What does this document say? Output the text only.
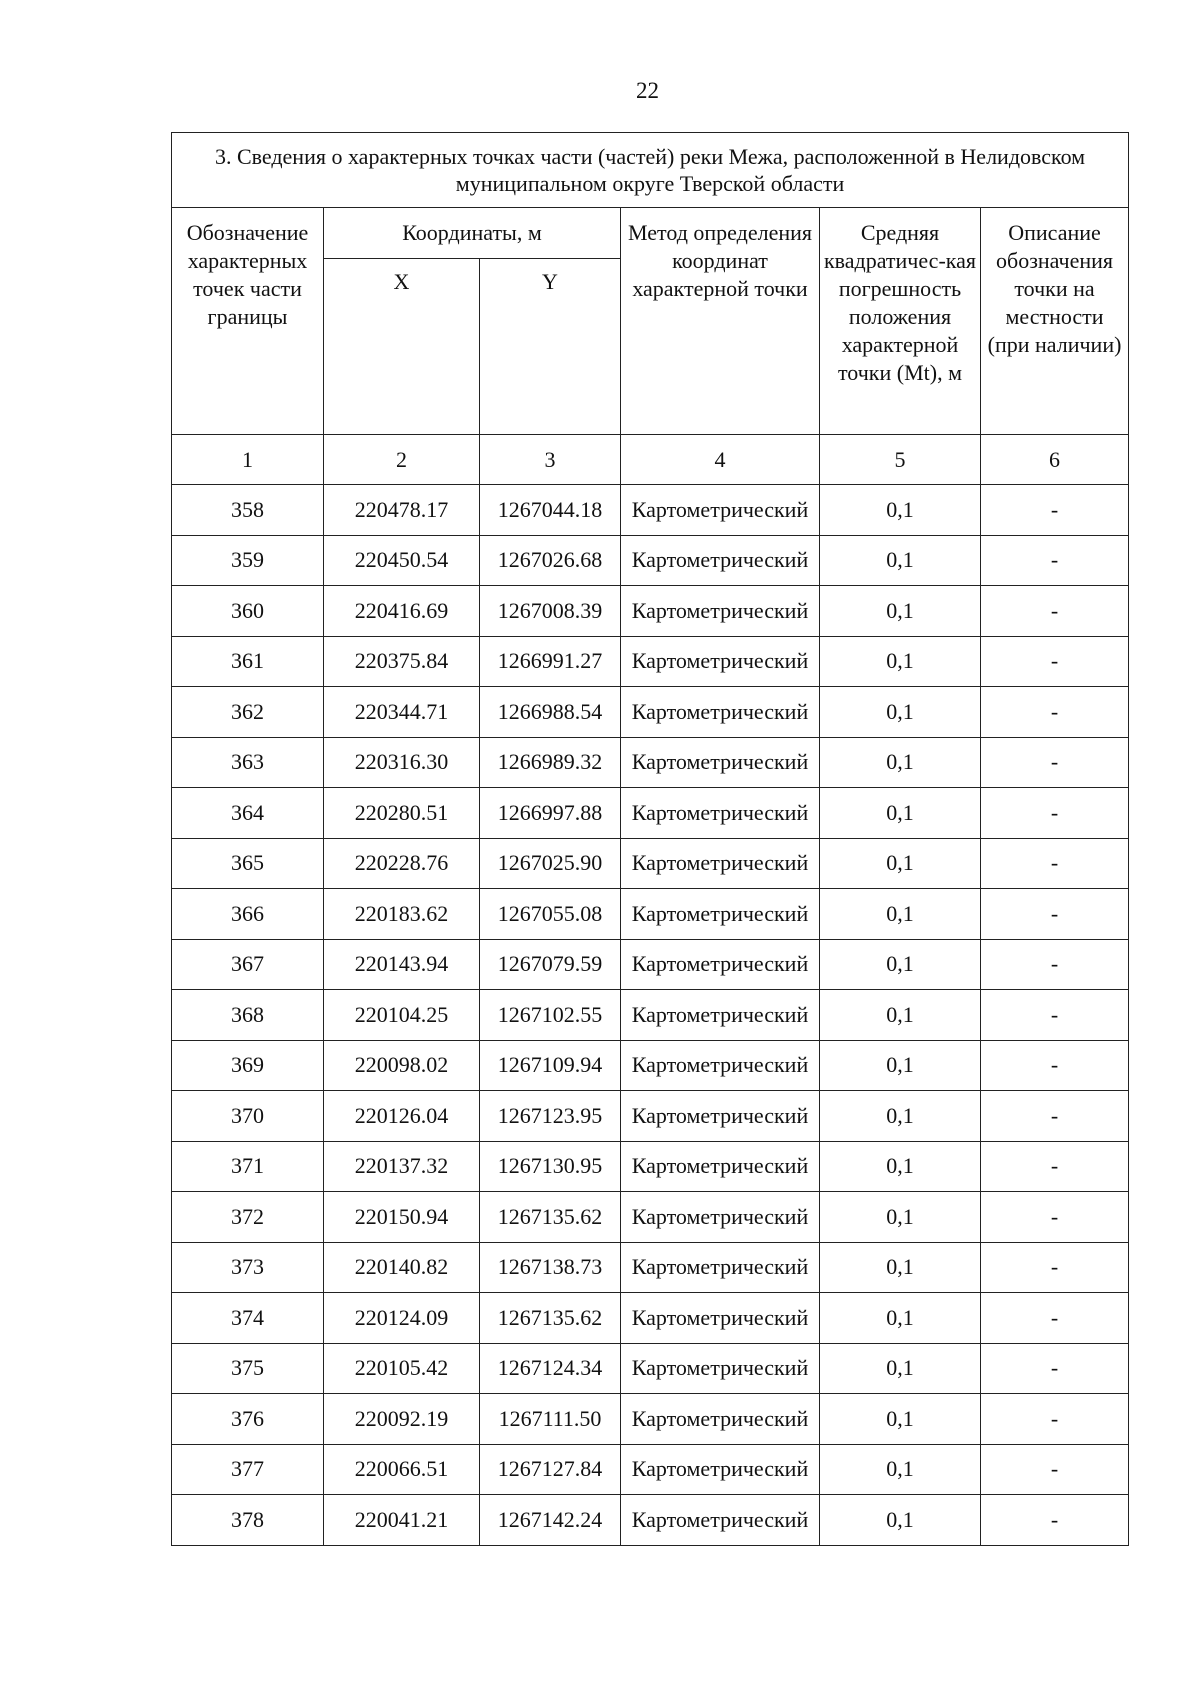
22
3. Сведения о характерных точках части (частей) реки Межа, расположенной в Нелидовском муниципальном округе Тверской области					
Обозначение характерных точек части границы	Координаты, м		Метод определения координат характерной точки	Средняя квадратичес-кая погрешность положения характерной точки (Mt), м	Описание обозначения точки на местности (при наличии)
	X	Y			
1	2	3	4	5	6
358	220478.17	1267044.18	Картометрический	0,1	-
359	220450.54	1267026.68	Картометрический	0,1	-
360	220416.69	1267008.39	Картометрический	0,1	-
361	220375.84	1266991.27	Картометрический	0,1	-
362	220344.71	1266988.54	Картометрический	0,1	-
363	220316.30	1266989.32	Картометрический	0,1	-
364	220280.51	1266997.88	Картометрический	0,1	-
365	220228.76	1267025.90	Картометрический	0,1	-
366	220183.62	1267055.08	Картометрический	0,1	-
367	220143.94	1267079.59	Картометрический	0,1	-
368	220104.25	1267102.55	Картометрический	0,1	-
369	220098.02	1267109.94	Картометрический	0,1	-
370	220126.04	1267123.95	Картометрический	0,1	-
371	220137.32	1267130.95	Картометрический	0,1	-
372	220150.94	1267135.62	Картометрический	0,1	-
373	220140.82	1267138.73	Картометрический	0,1	-
374	220124.09	1267135.62	Картометрический	0,1	-
375	220105.42	1267124.34	Картометрический	0,1	-
376	220092.19	1267111.50	Картометрический	0,1	-
377	220066.51	1267127.84	Картометрический	0,1	-
378	220041.21	1267142.24	Картометрический	0,1	-
